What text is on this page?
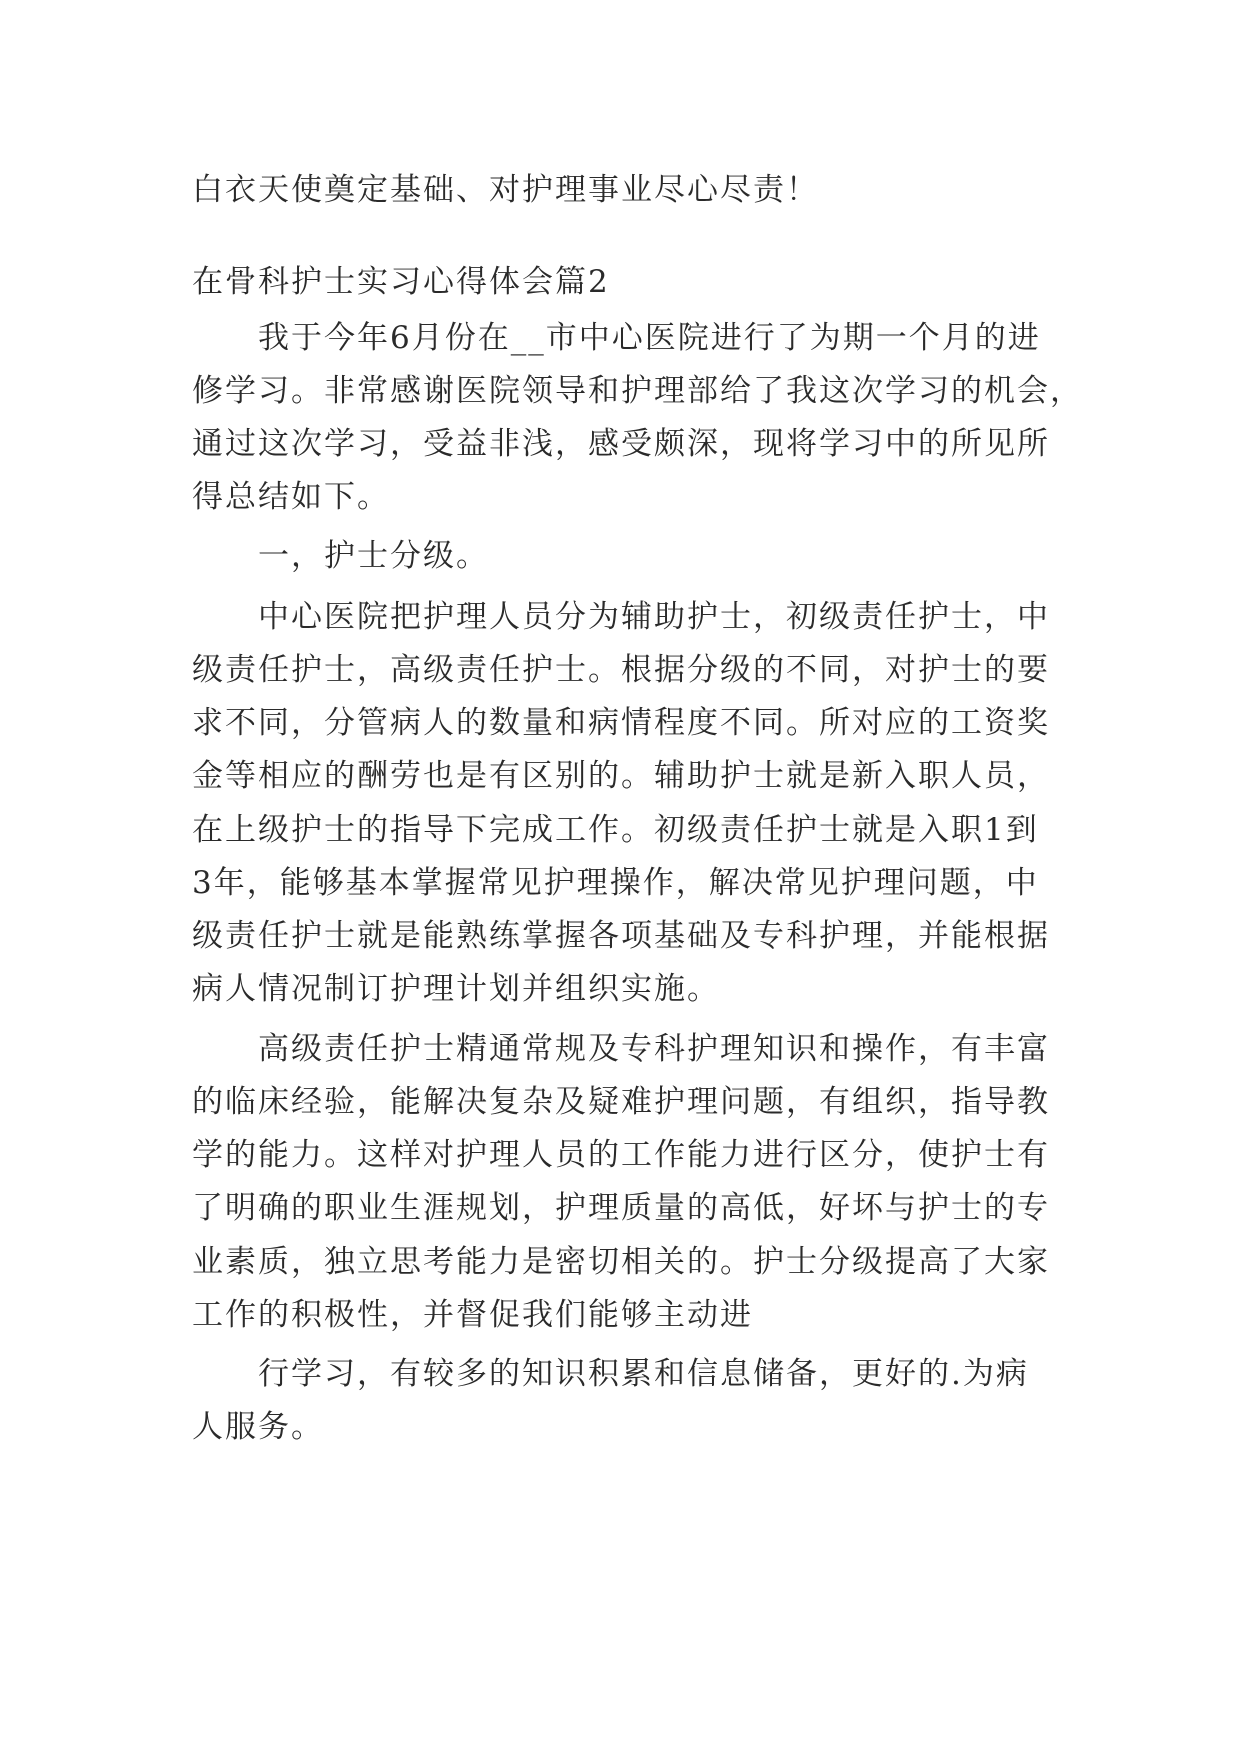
白衣天使奠定基础、对护理事业尽心尽责！
在骨科护士实习心得体会篇2
我于今年6月份在__市中心医院进行了为期一个月的进
修学习。非常感谢医院领导和护理部给了我这次学习的机会，
通过这次学习，受益非浅，感受颇深，现将学习中的所见所
得总结如下。
一，护士分级。
中心医院把护理人员分为辅助护士，初级责任护士，中
级责任护士，高级责任护士。根据分级的不同，对护士的要
求不同，分管病人的数量和病情程度不同。所对应的工资奖
金等相应的酬劳也是有区别的。辅助护士就是新入职人员，
在上级护士的指导下完成工作。初级责任护士就是入职1到
3年，能够基本掌握常见护理操作，解决常见护理问题，中
级责任护士就是能熟练掌握各项基础及专科护理，并能根据
病人情况制订护理计划并组织实施。
高级责任护士精通常规及专科护理知识和操作，有丰富
的临床经验，能解决复杂及疑难护理问题，有组织，指导教
学的能力。这样对护理人员的工作能力进行区分，使护士有
了明确的职业生涯规划，护理质量的高低，好坏与护士的专
业素质，独立思考能力是密切相关的。护士分级提高了大家
工作的积极性，并督促我们能够主动进
行学习，有较多的知识积累和信息储备，更好的.为病
人服务。
